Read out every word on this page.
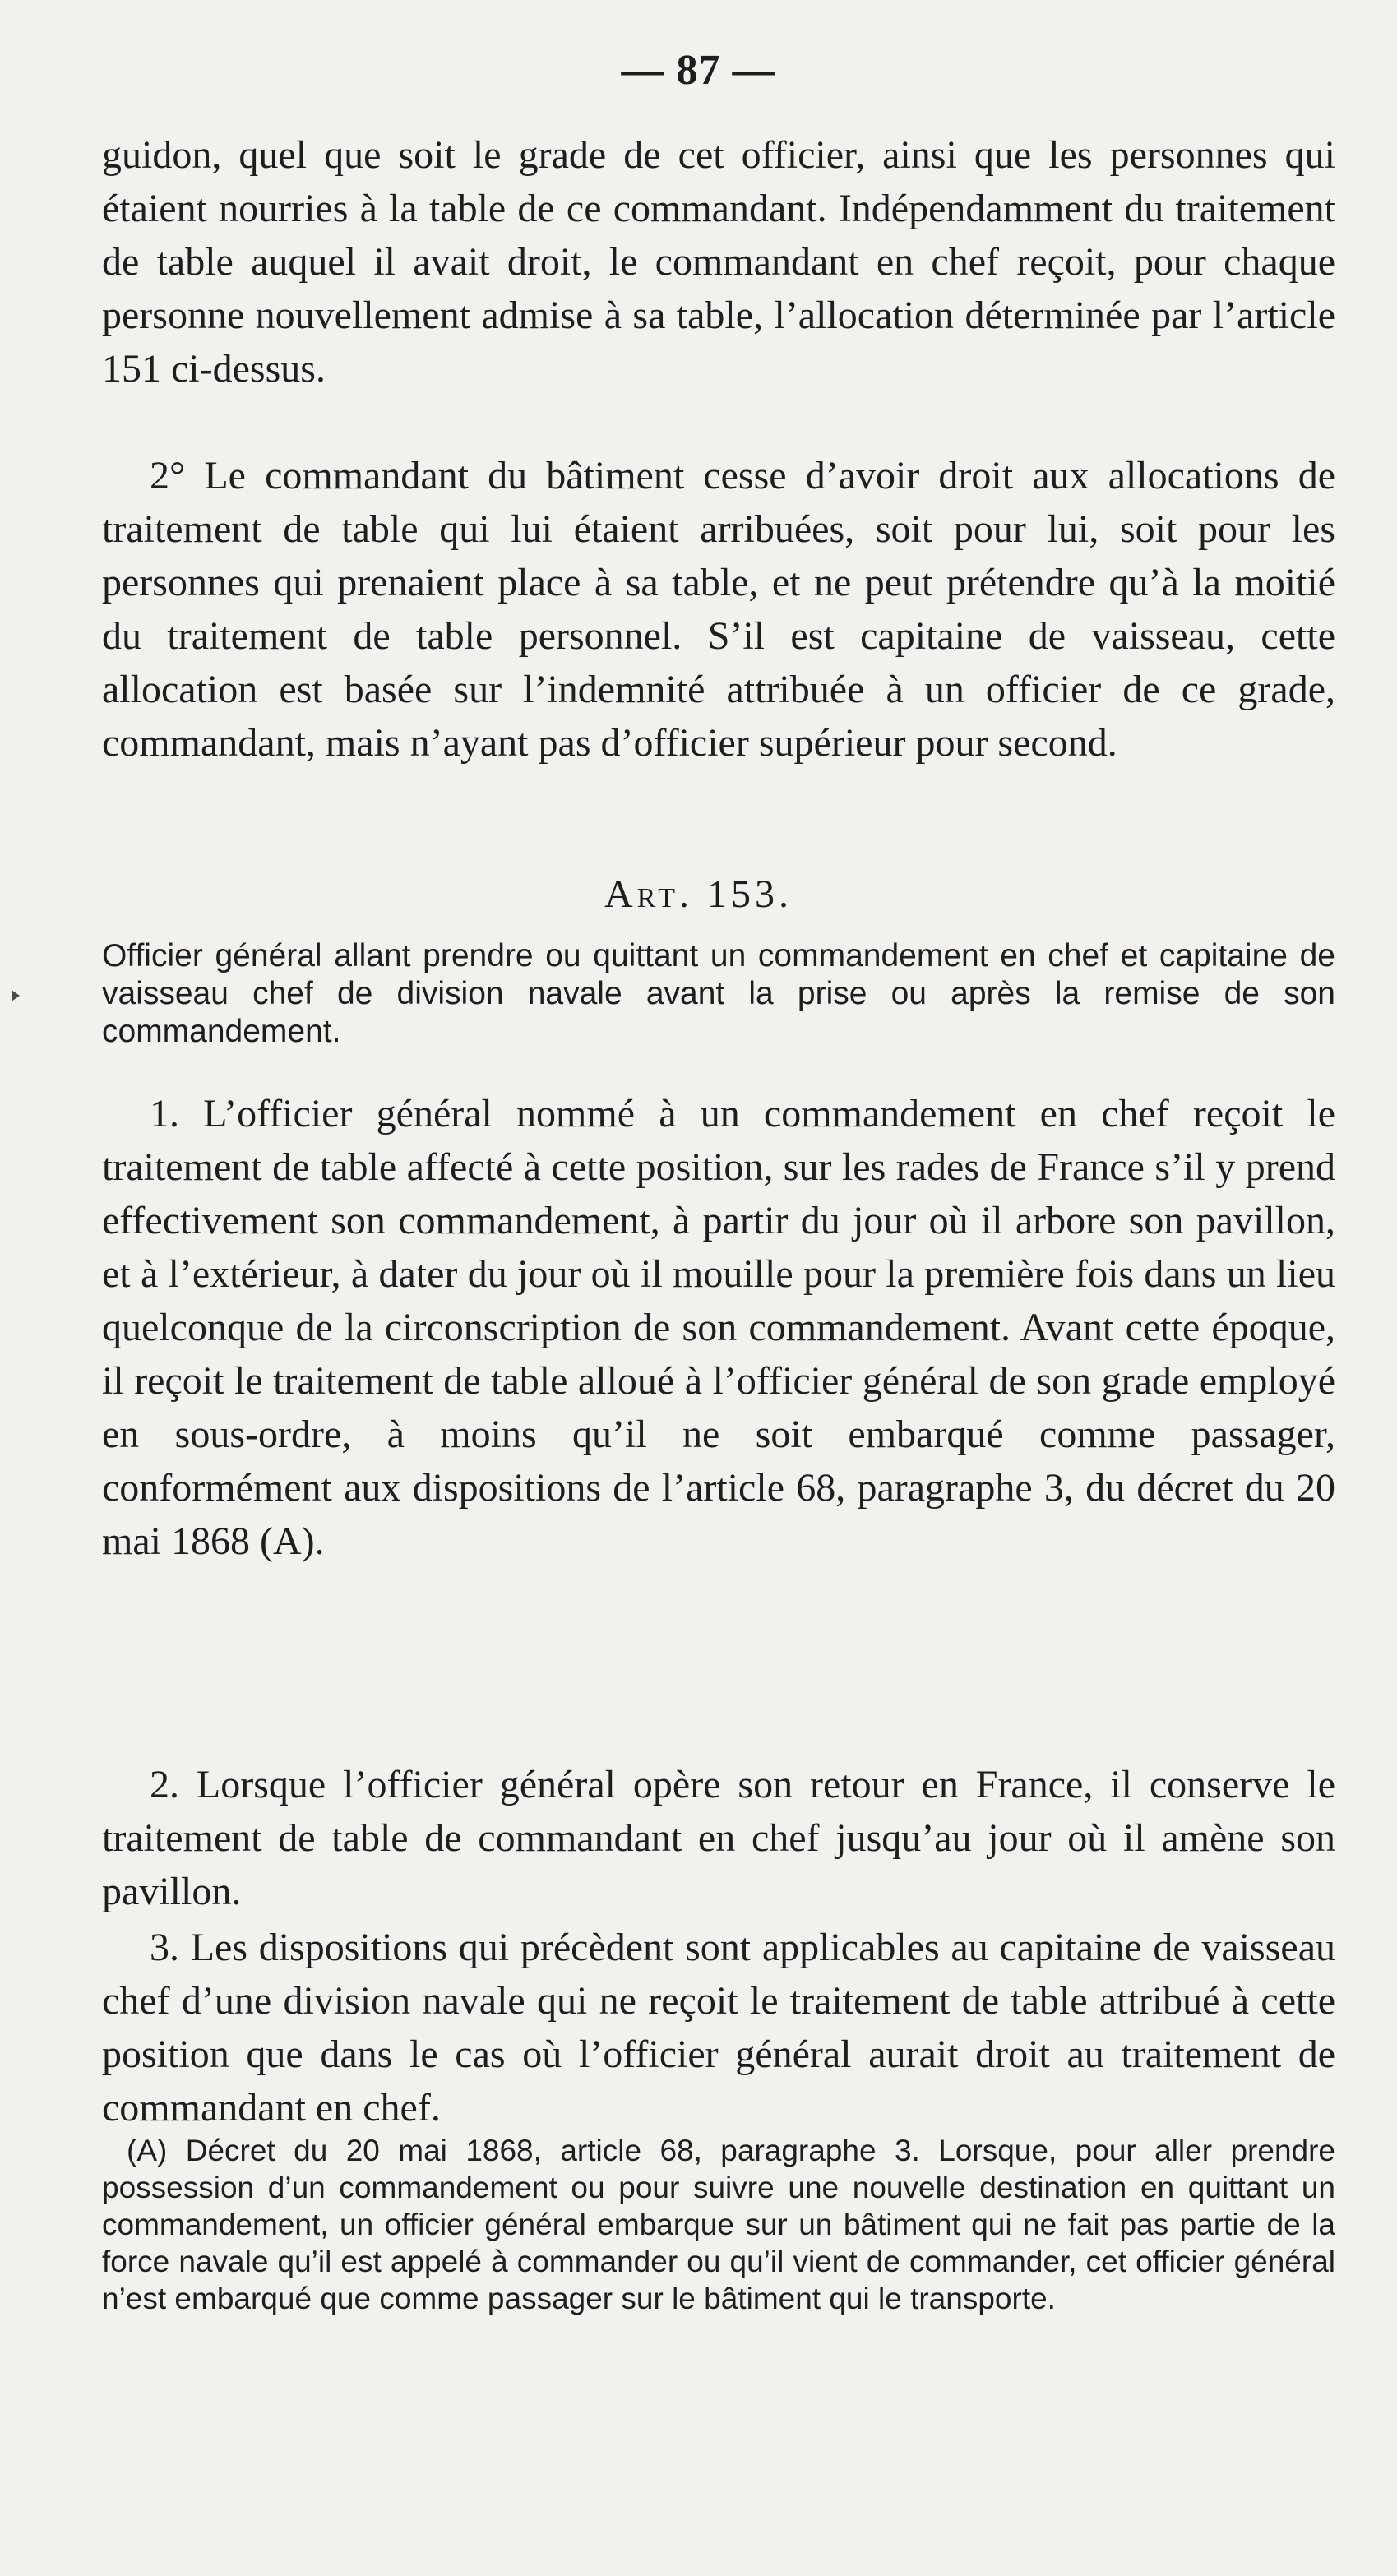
— 87 —

guidon, quel que soit le grade de cet officier, ainsi que les personnes qui étaient nourries à la table de ce commandant. Indépendamment du traitement de table auquel il avait droit, le commandant en chef reçoit, pour chaque personne nouvellement admise à sa table, l’allocation déterminée par l’article 151 ci-dessus.

2° Le commandant du bâtiment cesse d’avoir droit aux allocations de traitement de table qui lui étaient arribuées, soit pour lui, soit pour les personnes qui prenaient place à sa table, et ne peut prétendre qu’à la moitié du traitement de table personnel. S’il est capitaine de vaisseau, cette allocation est basée sur l’indemnité attribuée à un officier de ce grade, commandant, mais n’ayant pas d’officier supérieur pour second.

Art. 153.

Officier général allant prendre ou quittant un commandement en chef et capitaine de vaisseau chef de division navale avant la prise ou après la remise de son commandement.

1. L’officier général nommé à un commandement en chef reçoit le traitement de table affecté à cette position, sur les rades de France s’il y prend effectivement son commandement, à partir du jour où il arbore son pavillon, et à l’extérieur, à dater du jour où il mouille pour la première fois dans un lieu quelconque de la circonscription de son commandement. Avant cette époque, il reçoit le traitement de table alloué à l’officier général de son grade employé en sous-ordre, à moins qu’il ne soit embarqué comme passager, conformément aux dispositions de l’article 68, paragraphe 3, du décret du 20 mai 1868 (A).

2. Lorsque l’officier général opère son retour en France, il conserve le traitement de table de commandant en chef jusqu’au jour où il amène son pavillon.

3. Les dispositions qui précèdent sont applicables au capitaine de vaisseau chef d’une division navale qui ne reçoit le traitement de table attribué à cette position que dans le cas où l’officier général aurait droit au traitement de commandant en chef.

(A) Décret du 20 mai 1868, article 68, paragraphe 3. Lorsque, pour aller prendre possession d’un commandement ou pour suivre une nouvelle destination en quittant un commandement, un officier général embarque sur un bâtiment qui ne fait pas partie de la force navale qu’il est appelé à commander ou qu’il vient de commander, cet officier général n’est embarqué que comme passager sur le bâtiment qui le transporte.
